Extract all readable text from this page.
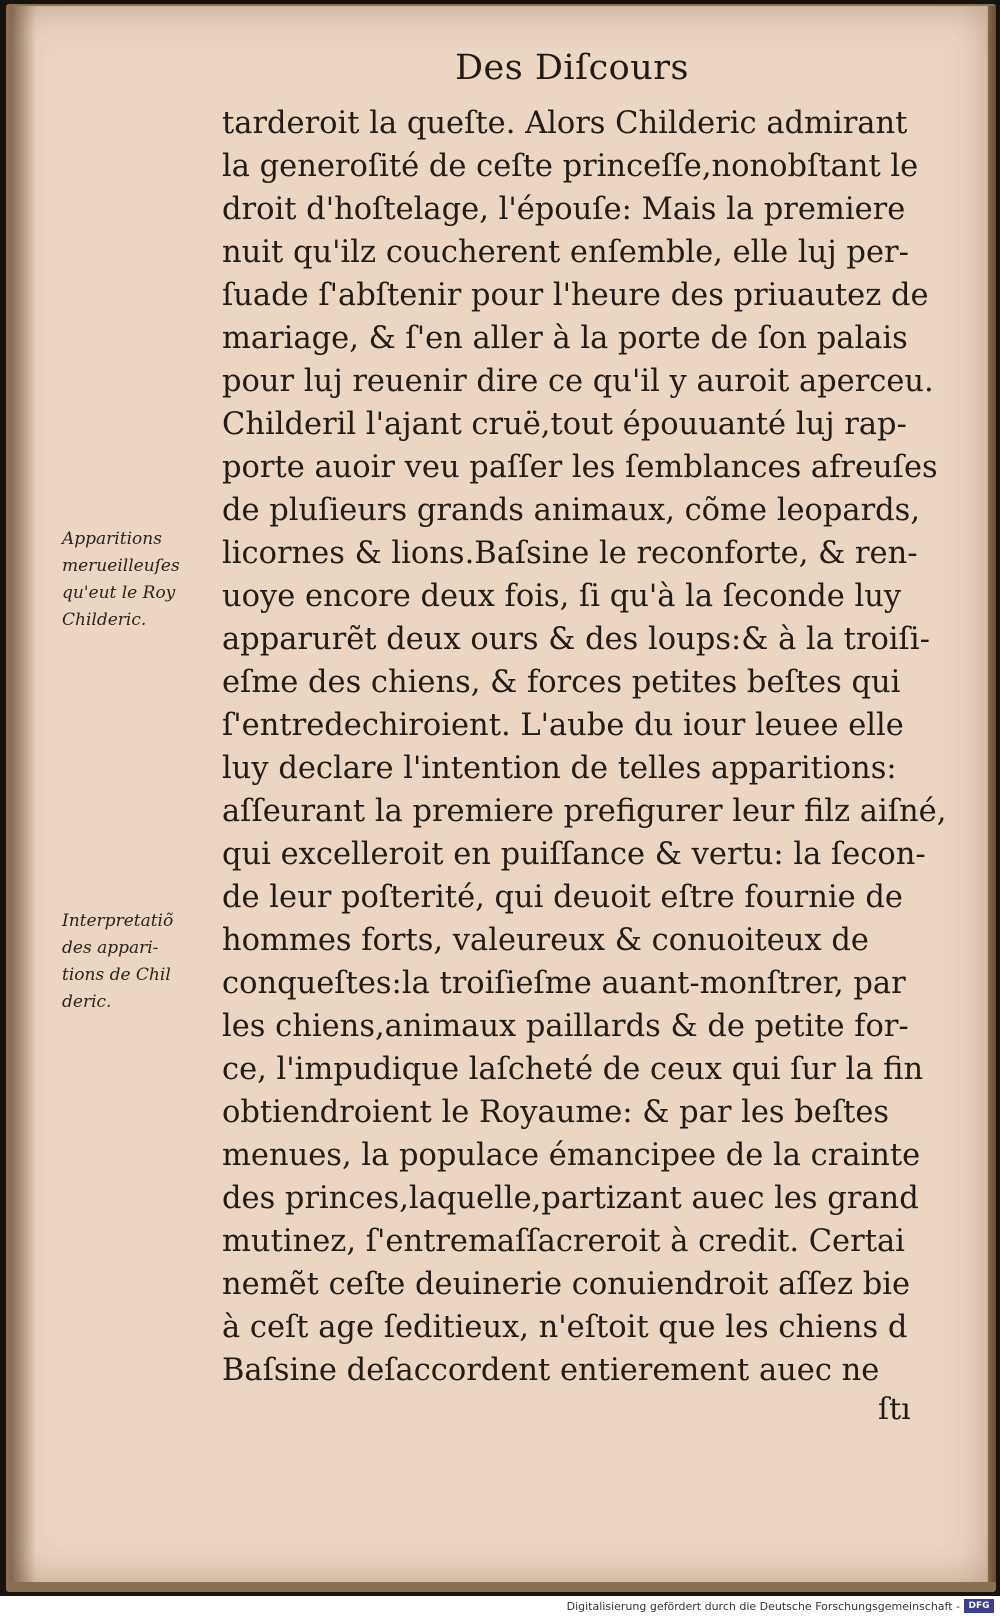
Des Diſcours
tarderoit la queſte. Alors Childeric admirant
la generoſité de ceſte princeſſe,nonobſtant le
droit d'hoſtelage, l'épouſe: Mais la premiere
nuit qu'ilz coucherent enſemble, elle luj per-
ſuade ſ'abſtenir pour l'heure des priuautez de
mariage, & ſ'en aller à la porte de ſon palais
pour luj reuenir dire ce qu'il y auroit aperceu.
Childeril l'ajant cruë,tout épouuanté luj rap-
porte auoir veu paſſer les ſemblances afreuſes
de pluſieurs grands animaux, cõme leopards,
licornes & lions.Baſsine le reconforte, & ren-
uoye encore deux fois, ſi qu'à la ſeconde luy
apparurẽt deux ours & des loups:& à la troiſi-
eſme des chiens, & forces petites beſtes qui
ſ'entredechiroient. L'aube du iour leuee elle
luy declare l'intention de telles apparitions:
aſſeurant la premiere prefigurer leur filz aiſné,
qui excelleroit en puiſſance & vertu: la ſecon-
de leur poſterité, qui deuoit eſtre fournie de
hommes forts, valeureux & conuoiteux de
conqueſtes:la troiſieſme auant-monſtrer, par
les chiens,animaux paillards & de petite for-
ce, l'impudique laſcheté de ceux qui ſur la fin
obtiendroient le Royaume: & par les beſtes
menues, la populace émancipee de la crainte
des princes,laquelle,partizant auec les grand
mutinez, ſ'entremaſſacreroit à credit. Certai
nemẽt ceſte deuinerie conuiendroit aſſez bie
à ceſt age ſeditieux, n'eſtoit que les chiens d
Baſsine deſaccordent entierement auec ne
Apparitions
merueilleuſes
qu'eut le Roy
Childeric.
Interpretatiõ
des appari-
tions de Chil
deric.
ſtı
Digitalisierung gefördert durch die Deutsche Forschungsgemeinschaft - DFG
